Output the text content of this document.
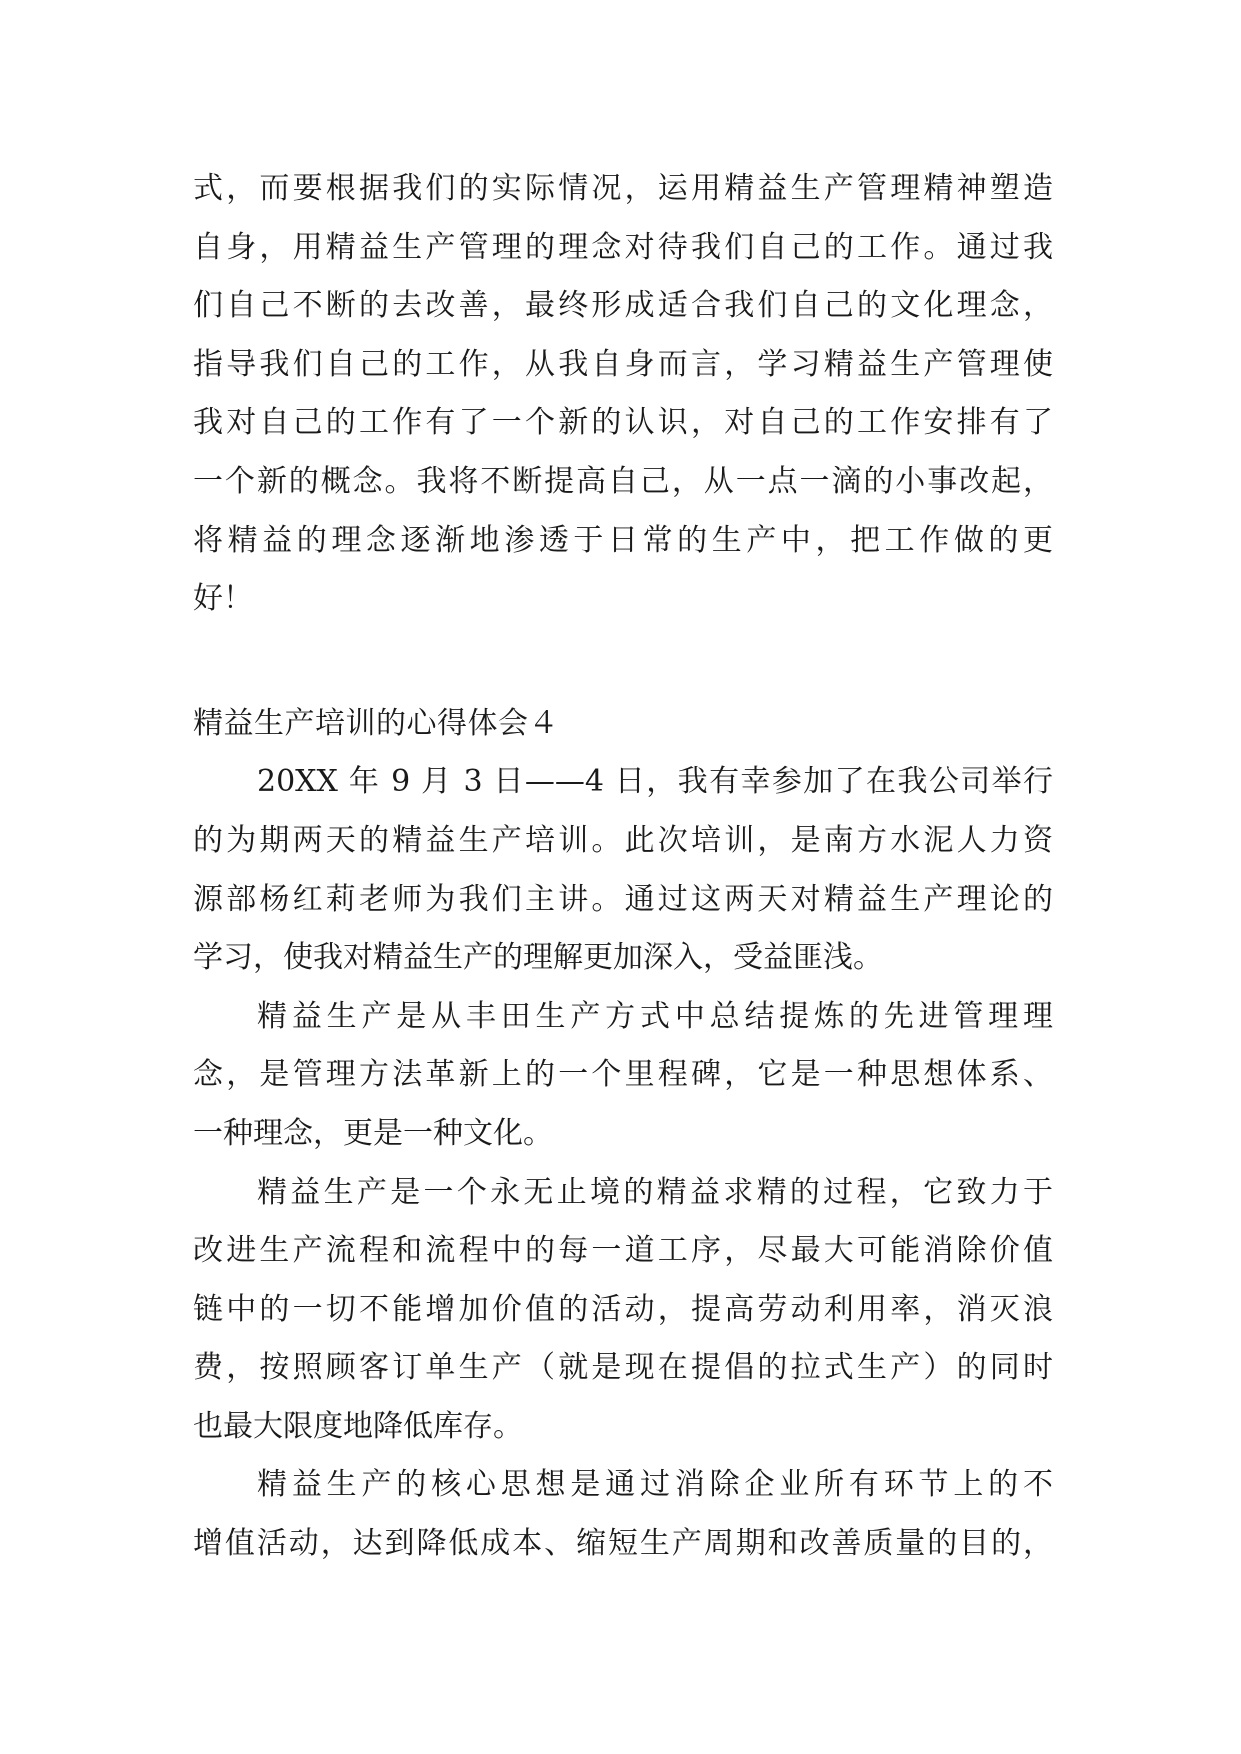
式，而要根据我们的实际情况，运用精益生产管理精神塑造
自身，用精益生产管理的理念对待我们自己的工作。通过我
们自己不断的去改善，最终形成适合我们自己的文化理念，
指导我们自己的工作，从我自身而言，学习精益生产管理使
我对自己的工作有了一个新的认识，对自己的工作安排有了
一个新的概念。我将不断提高自己，从一点一滴的小事改起，
将精益的理念逐渐地渗透于日常的生产中，把工作做的更
好！

精益生产培训的心得体会４

20XX 年 9 月 3 日——4 日，我有幸参加了在我公司举行
的为期两天的精益生产培训。此次培训，是南方水泥人力资
源部杨红莉老师为我们主讲。通过这两天对精益生产理论的
学习，使我对精益生产的理解更加深入，受益匪浅。

精益生产是从丰田生产方式中总结提炼的先进管理理
念，是管理方法革新上的一个里程碑，它是一种思想体系、
一种理念，更是一种文化。

精益生产是一个永无止境的精益求精的过程，它致力于
改进生产流程和流程中的每一道工序，尽最大可能消除价值
链中的一切不能增加价值的活动，提高劳动利用率，消灭浪
费，按照顾客订单生产（就是现在提倡的拉式生产）的同时
也最大限度地降低库存。

精益生产的核心思想是通过消除企业所有环节上的不
增值活动，达到降低成本、缩短生产周期和改善质量的目的，
